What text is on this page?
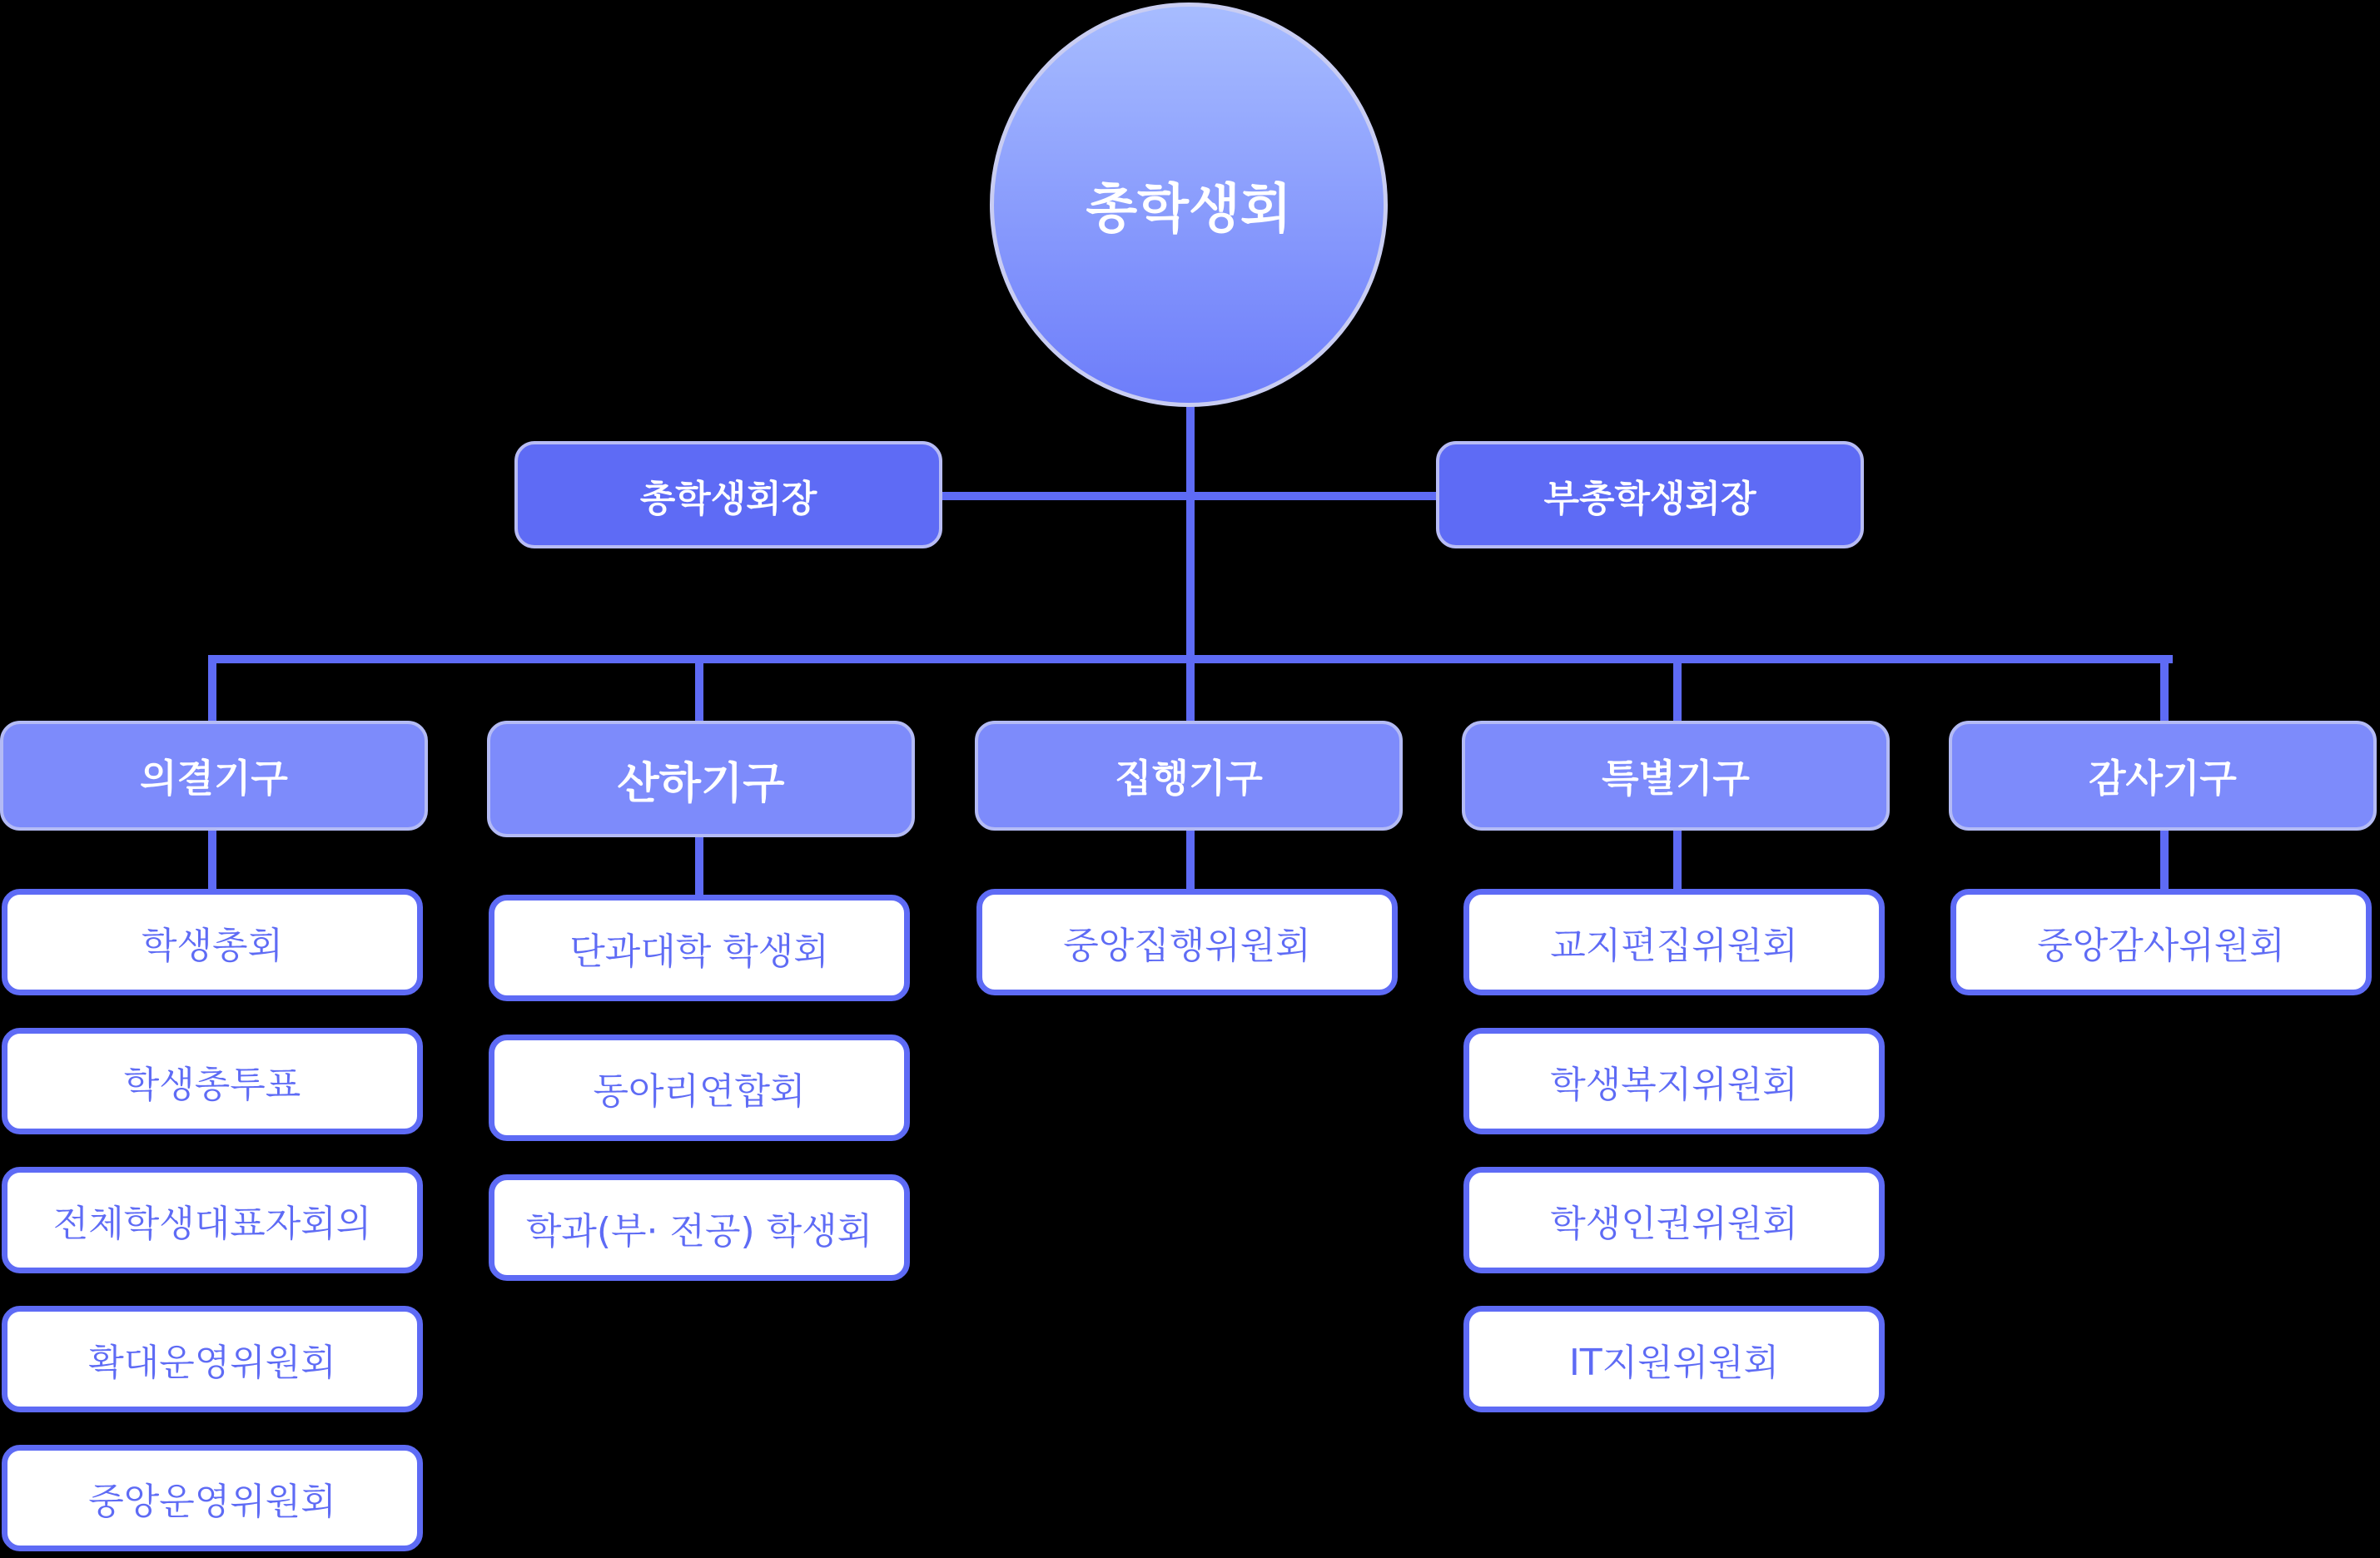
총학생회
총학생회장	부총학생회장
의결기구
학생총회
학생총투표
전체학생대표자회의
확대운영위원회
중앙운영위원회
산하기구
단과대학 학생회
동아리연합회
학과(부· 전공) 학생회
집행기구
중앙집행위원회
특별기구
교지편집위원회
학생복지위원회
학생인권위원회
IT지원위원회
감사기구
중앙감사위원회
